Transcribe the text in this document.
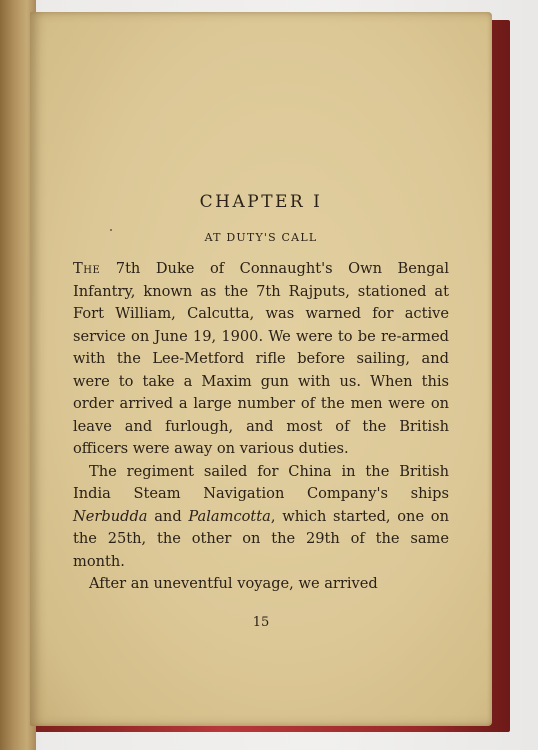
CHAPTER I
AT DUTY'S CALL

The 7th Duke of Connaught's Own Bengal Infantry, known as the 7th Rajputs, stationed at Fort William, Calcutta, was warned for active service on June 19, 1900. We were to be re-armed with the Lee-Metford rifle before sailing, and were to take a Maxim gun with us. When this order arrived a large number of the men were on leave and furlough, and most of the British officers were away on various duties.

The regiment sailed for China in the British India Steam Navigation Company's ships Nerbudda and Palamcotta, which started, one on the 25th, the other on the 29th of the same month.

After an uneventful voyage, we arrived

15
